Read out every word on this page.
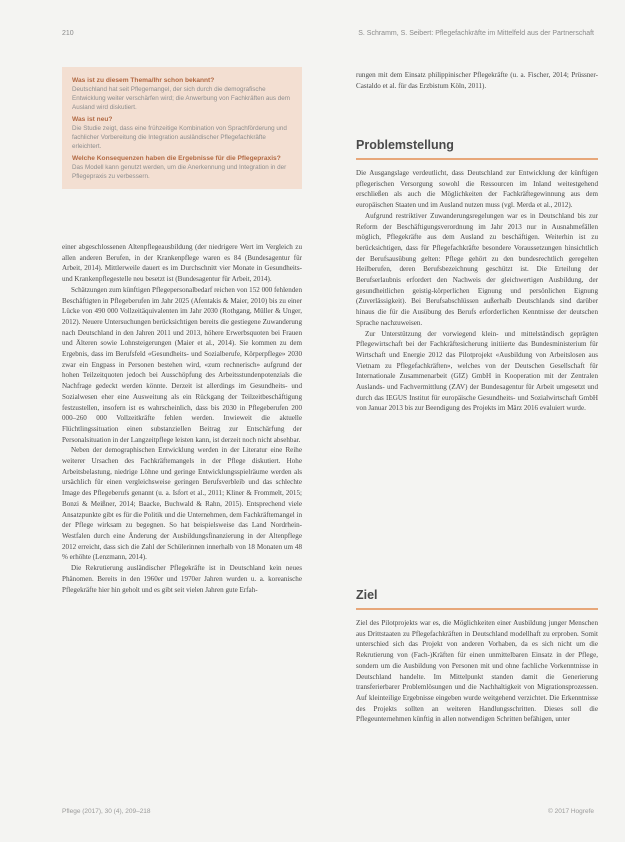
210	S. Schramm, S. Seibert: Pflegefachkräfte im Mittelfeld aus der Partnerschaft
Was ist zu diesem Thema/Ihr schon bekannt?
Deutschland hat seit Pflegemangel, der sich durch die demografische Entwicklung weiter verschärfen wird; die Anwerbung von Fachkräften aus dem Ausland wird diskutiert.
Was ist neu?
Die Studie zeigt, dass eine frühzeitige Kombination von Sprachförderung und fachlicher Vorbereitung die Integration ausländischer Pflegefachkräfte erleichtert.
Welche Konsequenzen haben die Ergebnisse für die Pflegepraxis?
Das Modell kann genutzt werden, um die Anerkennung und Integration in der Pflegepraxis zu verbessern.

einer abgeschlossenen Altenpflegeausbildung (der niedrigere Wert im Vergleich zu allen anderen Berufen, in der Krankenpflege waren es 84 (Bundesagentur für Arbeit, 2014). Mittlerweile dauert es im Durchschnitt vier Monate in Gesundheits- und Krankenpflegestelle neu besetzt ist (Bundesagentur für Arbeit, 2014).

Schätzungen zum künftigen Pflegepersonalbedarf reichen von 152 000 fehlenden Beschäftigten in Pflegeberufen im Jahr 2025 (Afentakis & Maier, 2010) bis zu einer Lücke von 490 000 Vollzeitäquivalenten im Jahr 2030 (Rothgang, Müller & Unger, 2012). Neuere Untersuchungen berücksichtigen bereits die gestiegene Zuwanderung nach Deutschland in den Jahren 2011 und 2013, höhere Erwerbsquoten bei Frauen und Älteren sowie Lohnsteigerungen (Maier et al., 2014). Sie kommen zu dem Ergebnis, dass im Berufsfeld «Gesundheits- und Sozialberufe, Körperpflege» 2030 zwar ein Engpass in Personen bestehen wird, «zum rechnerisch» aufgrund der hohen Teilzeitquoten jedoch bei Ausschöpfung des Arbeitsstundenpotenzials die Nachfrage gedeckt werden könnte. Derzeit ist allerdings im Gesundheits- und Sozialwesen eher eine Ausweitung als ein Rückgang der Teilzeitbeschäftigung festzustellen, insofern ist es wahrscheinlich, dass bis 2030 in Pflegeberufen 200 000–260 000 Vollzeitkräfte fehlen werden. Inwieweit die aktuelle Flüchtlingssituation einen substanziellen Beitrag zur Entschärfung der Personalsituation in der Langzeitpflege leisten kann, ist derzeit noch nicht absehbar.

Neben der demographischen Entwicklung werden in der Literatur eine Reihe weiterer Ursachen des Fachkräftemangels in der Pflege diskutiert. Hohe Arbeitsbelastung, niedrige Löhne und geringe Entwicklungsspielräume werden als ursächlich für einen vergleichsweise geringen Berufsverbleib und das schlechte Image des Pflegeberufs genannt (u. a. Isfort et al., 2011; Kliner & Frommelt, 2015; Bonzi & Meißner, 2014; Baacke, Buchwald & Rahn, 2015). Entsprechend viele Ansatzpunkte gibt es für die Politik und die Unternehmen, dem Fachkräftemangel in der Pflege wirksam zu begegnen. So hat beispielsweise das Land Nordrhein-Westfalen durch eine Änderung der Ausbildungsfinanzierung in der Altenpflege 2012 erreicht, dass sich die Zahl der Schülerinnen innerhalb von 18 Monaten um 48 % erhöhte (Lenzmann, 2014).

Die Rekrutierung ausländischer Pflegekräfte ist in Deutschland kein neues Phänomen. Bereits in den 1960er und 1970er Jahren wurden u. a. koreanische Pflegekräfte hier hin geholt und es gibt seit vielen Jahren gute Erfah-

rungen mit dem Einsatz philippinischer Pflegekräfte (u. a. Fischer, 2014; Prüssner-Castaldo et al. für das Erzbistum Köln, 2011).

Problemstellung

Die Ausgangslage verdeutlicht, dass Deutschland zur Entwicklung der künftigen pflegerischen Versorgung sowohl die Ressourcen im Inland weitestgehend erschließen als auch die Möglichkeiten der Fachkräftegewinnung aus dem europäischen Staaten und im Ausland nutzen muss (vgl. Merda et al., 2012).

Aufgrund restriktiver Zuwanderungsregelungen war es in Deutschland bis zur Reform der Beschäftigungsverordnung im Jahr 2013 nur in Ausnahmefällen möglich, Pflegekräfte aus dem Ausland zu beschäftigen. Weiterhin ist zu berücksichtigen, dass für Pflegefachkräfte besondere Voraussetzungen hinsichtlich der Berufsausübung gelten: Pflege gehört zu den bundesrechtlich geregelten Heilberufen, deren Berufsbezeichnung geschützt ist. Die Erteilung der Berufserlaubnis erfordert den Nachweis der gleichwertigen Ausbildung, der gesundheitlichen geistig-körperlichen Eignung und persönlichen Eignung (Zuverlässigkeit). Bei Berufsabschlüssen außerhalb Deutschlands sind darüber hinaus die für die Ausübung des Berufs erforderlichen Kenntnisse der deutschen Sprache nachzuweisen.

Zur Unterstützung der vorwiegend klein- und mittelständisch geprägten Pflegewirtschaft bei der Fachkräftesicherung initiierte das Bundesministerium für Wirtschaft und Energie 2012 das Pilotprojekt «Ausbildung von Arbeitslosen aus Vietnam zu Pflegefachkräften», welches von der Deutschen Gesellschaft für Internationale Zusammenarbeit (GIZ) GmbH in Kooperation mit der Zentralen Auslands- und Fachvermittlung (ZAV) der Bundesagentur für Arbeit umgesetzt und durch das IEGUS Institut für europäische Gesundheits- und Sozialwirtschaft GmbH von Januar 2013 bis zur Beendigung des Projekts im März 2016 evaluiert wurde.

Ziel

Ziel des Pilotprojekts war es, die Möglichkeiten einer Ausbildung junger Menschen aus Drittstaaten zu Pflegefachkräften in Deutschland modellhaft zu erproben. Somit unterschied sich das Projekt von anderen Vorhaben, da es sich nicht um die Rekrutierung von (Fach-)Kräften für einen unmittelbaren Einsatz in der Pflege, sondern um die Ausbildung von Personen mit und ohne fachliche Vorkenntnisse in Deutschland handelte. Im Mittelpunkt standen damit die Generierung transferierbarer Problemlösungen und die Nachhaltigkeit von Migrationsprozessen. Auf kleinteilige Ergebnisse eingeben wurde weitgehend verzichtet. Die Erkenntnisse des Projekts sollten an weiteren Handlungsschritten. Dieses soll die Pflegeunternehmen künftig in allen notwendigen Schritten befähigen, unter

Pflege (2017), 30 (4), 209–218	© 2017 Hogrefe
